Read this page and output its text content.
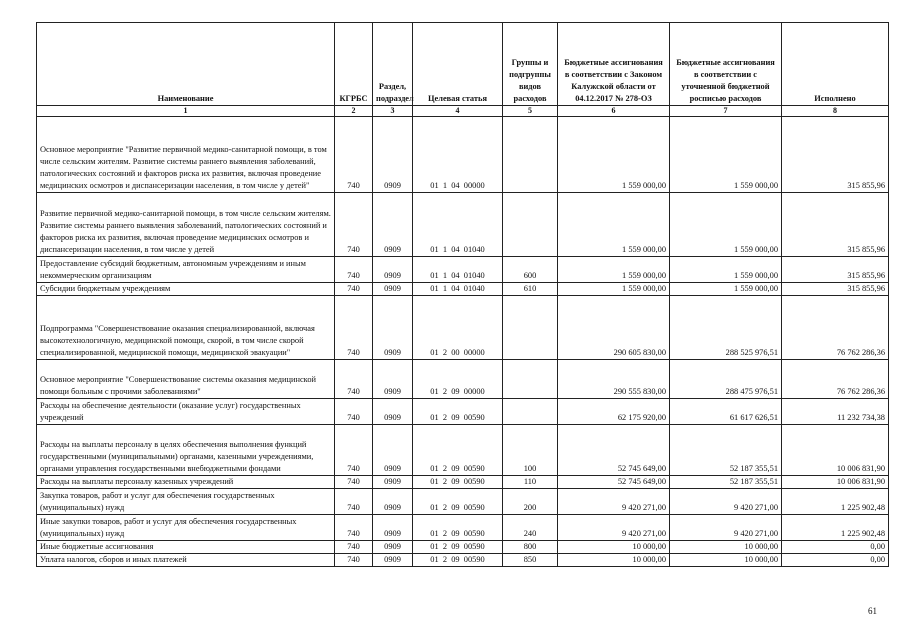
Наименование	КГРБС	Раздел, подраздел	Целевая статья	Группы и подгруппы видов расходов	Бюджетные ассигнования в соответствии с Законом Калужской области от 04.12.2017 № 278-ОЗ	Бюджетные ассигнования в соответствии с уточненной бюджетной росписью расходов	Исполнено
1	2	3	4	5	6	7	8
Основное мероприятие "Развитие первичной медико-санитарной помощи, в том числе сельским жителям. Развитие системы раннего выявления заболеваний, патологических состояний и факторов риска их развития, включая проведение медицинских осмотров и диспансеризации населения, в том числе у детей"	740	0909	01  1  04  00000		1 559 000,00	1 559 000,00	315 855,96
Развитие первичной медико-санитарной помощи, в том числе сельским жителям. Развитие системы раннего выявления заболеваний, патологических состояний и факторов риска их развития, включая проведение медицинских осмотров и диспансеризации населения, в том числе у детей	740	0909	01  1  04  01040		1 559 000,00	1 559 000,00	315 855,96
Предоставление субсидий бюджетным, автономным учреждениям и иным некоммерческим организациям	740	0909	01  1  04  01040	600	1 559 000,00	1 559 000,00	315 855,96
Субсидии бюджетным учреждениям	740	0909	01  1  04  01040	610	1 559 000,00	1 559 000,00	315 855,96
Подпрограмма "Совершенствование оказания специализированной, включая высокотехнологичную, медицинской помощи, скорой, в том числе скорой специализированной, медицинской помощи, медицинской эвакуации"	740	0909	01  2  00  00000		290 605 830,00	288 525 976,51	76 762 286,36
Основное мероприятие "Совершенствование системы оказания медицинской помощи больным с прочими заболеваниями"	740	0909	01  2  09  00000		290 555 830,00	288 475 976,51	76 762 286,36
Расходы на обеспечение деятельности (оказание услуг) государственных учреждений	740	0909	01  2  09  00590		62 175 920,00	61 617 626,51	11 232 734,38
Расходы на выплаты персоналу в целях обеспечения выполнения функций государственными (муниципальными) органами, казенными учреждениями, органами управления государственными внебюджетными фондами	740	0909	01  2  09  00590	100	52 745 649,00	52 187 355,51	10 006 831,90
Расходы на выплаты персоналу казенных учреждений	740	0909	01  2  09  00590	110	52 745 649,00	52 187 355,51	10 006 831,90
Закупка товаров, работ и услуг для обеспечения государственных (муниципальных) нужд	740	0909	01  2  09  00590	200	9 420 271,00	9 420 271,00	1 225 902,48
Иные закупки товаров, работ и услуг для обеспечения государственных (муниципальных) нужд	740	0909	01  2  09  00590	240	9 420 271,00	9 420 271,00	1 225 902,48
Иные бюджетные ассигнования	740	0909	01  2  09  00590	800	10 000,00	10 000,00	0,00
Уплата налогов, сборов и иных платежей	740	0909	01  2  09  00590	850	10 000,00	10 000,00	0,00
61
